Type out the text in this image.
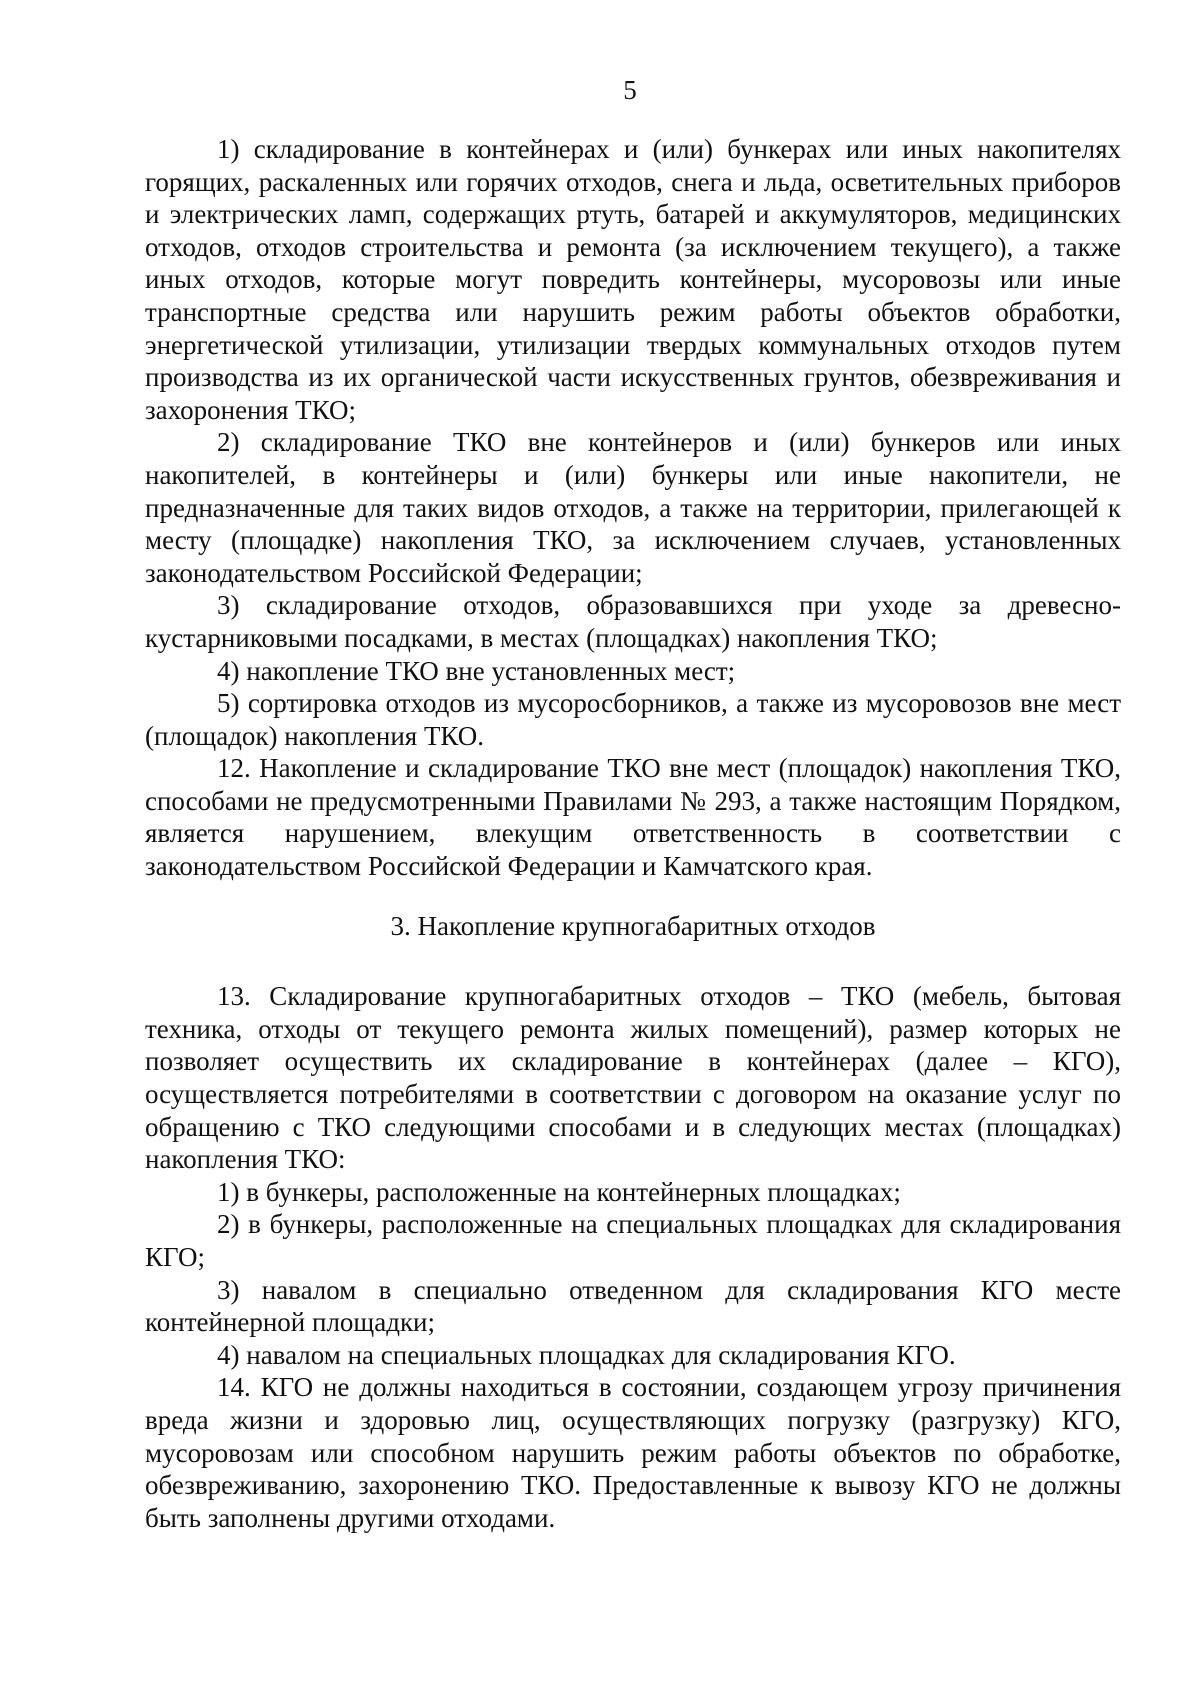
5

1) складирование в контейнерах и (или) бункерах или иных накопителях горящих, раскаленных или горячих отходов, снега и льда, осветительных приборов и электрических ламп, содержащих ртуть, батарей и аккумуляторов, медицинских отходов, отходов строительства и ремонта (за исключением текущего), а также иных отходов, которые могут повредить контейнеры, мусоровозы или иные транспортные средства или нарушить режим работы объектов обработки, энергетической утилизации, утилизации твердых коммунальных отходов путем производства из их органической части искусственных грунтов, обезвреживания и захоронения ТКО;

2) складирование ТКО вне контейнеров и (или) бункеров или иных накопителей, в контейнеры и (или) бункеры или иные накопители, не предназначенные для таких видов отходов, а также на территории, прилегающей к месту (площадке) накопления ТКО, за исключением случаев, установленных законодательством Российской Федерации;

3) складирование отходов, образовавшихся при уходе за древесно-кустарниковыми посадками, в местах (площадках) накопления ТКО;

4) накопление ТКО вне установленных мест;

5) сортировка отходов из мусоросборников, а также из мусоровозов вне мест (площадок) накопления ТКО.

12. Накопление и складирование ТКО вне мест (площадок) накопления ТКО, способами не предусмотренными Правилами № 293, а также настоящим Порядком, является нарушением, влекущим ответственность в соответствии с законодательством Российской Федерации и Камчатского края.

3. Накопление крупногабаритных отходов

13. Складирование крупногабаритных отходов – ТКО (мебель, бытовая техника, отходы от текущего ремонта жилых помещений), размер которых не позволяет осуществить их складирование в контейнерах (далее – КГО), осуществляется потребителями в соответствии с договором на оказание услуг по обращению с ТКО следующими способами и в следующих местах (площадках) накопления ТКО:

1) в бункеры, расположенные на контейнерных площадках;

2) в бункеры, расположенные на специальных площадках для складирования КГО;

3) навалом в специально отведенном для складирования КГО месте контейнерной площадки;

4) навалом на специальных площадках для складирования КГО.

14. КГО не должны находиться в состоянии, создающем угрозу причинения вреда жизни и здоровью лиц, осуществляющих погрузку (разгрузку) КГО, мусоровозам или способном нарушить режим работы объектов по обработке, обезвреживанию, захоронению ТКО. Предоставленные к вывозу КГО не должны быть заполнены другими отходами.
